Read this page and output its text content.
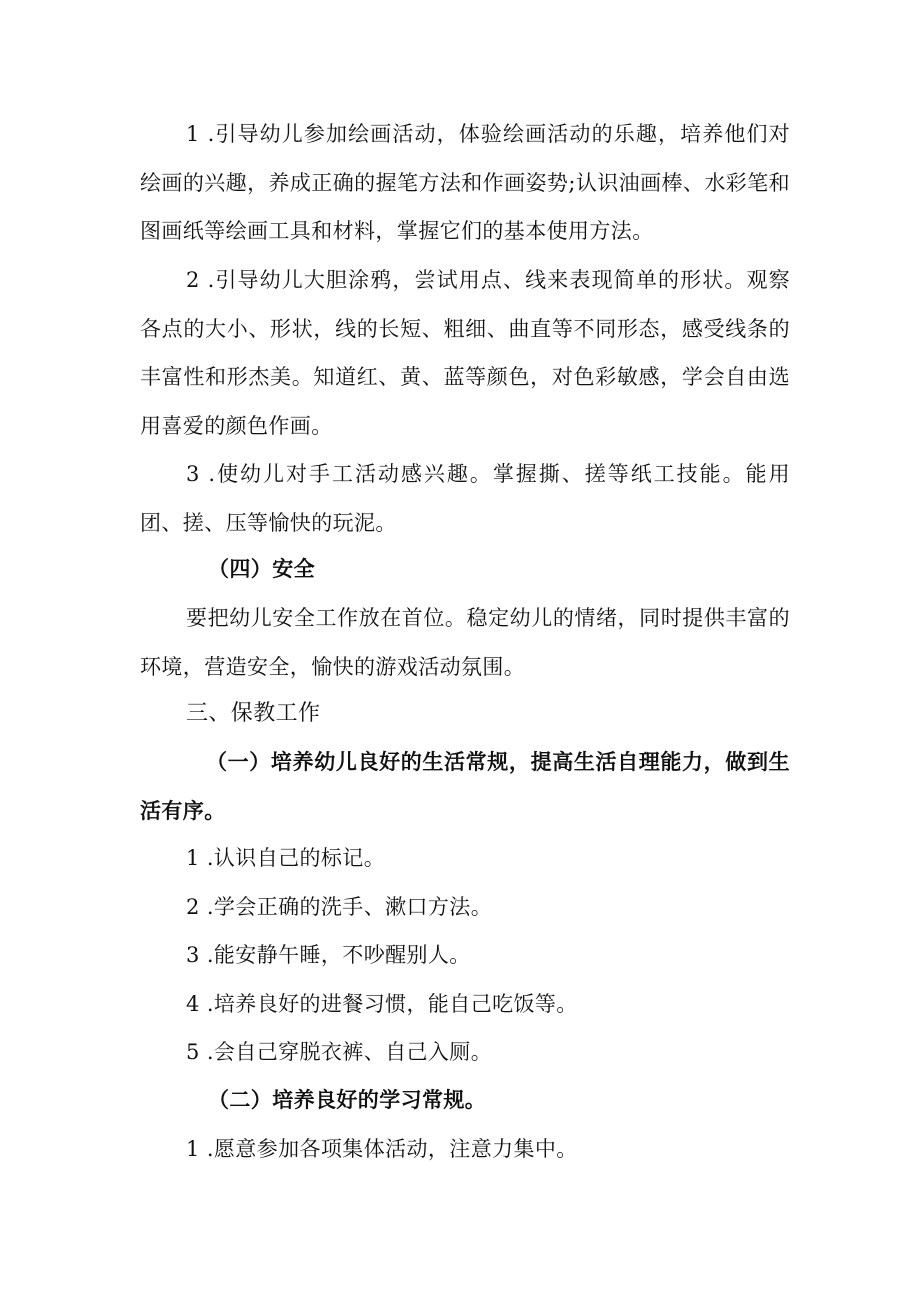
1 .引导幼儿参加绘画活动，体验绘画活动的乐趣，培养他们对绘画的兴趣，养成正确的握笔方法和作画姿势;认识油画棒、水彩笔和图画纸等绘画工具和材料，掌握它们的基本使用方法。

2 .引导幼儿大胆涂鸦，尝试用点、线来表现简单的形状。观察各点的大小、形状，线的长短、粗细、曲直等不同形态，感受线条的丰富性和形杰美。知道红、黄、蓝等颜色，对色彩敏感，学会自由选用喜爱的颜色作画。

3 .使幼儿对手工活动感兴趣。掌握撕、搓等纸工技能。能用团、搓、压等愉快的玩泥。

（四）安全

要把幼儿安全工作放在首位。稳定幼儿的情绪，同时提供丰富的环境，营造安全，愉快的游戏活动氛围。

三、保教工作

（一）培养幼儿良好的生活常规，提高生活自理能力，做到生活有序。

1 .认识自己的标记。

2 .学会正确的洗手、漱口方法。

3 .能安静午睡，不吵醒别人。

4 .培养良好的进餐习惯，能自己吃饭等。

5 .会自己穿脱衣裤、自己入厕。

（二）培养良好的学习常规。

1 .愿意参加各项集体活动，注意力集中。
